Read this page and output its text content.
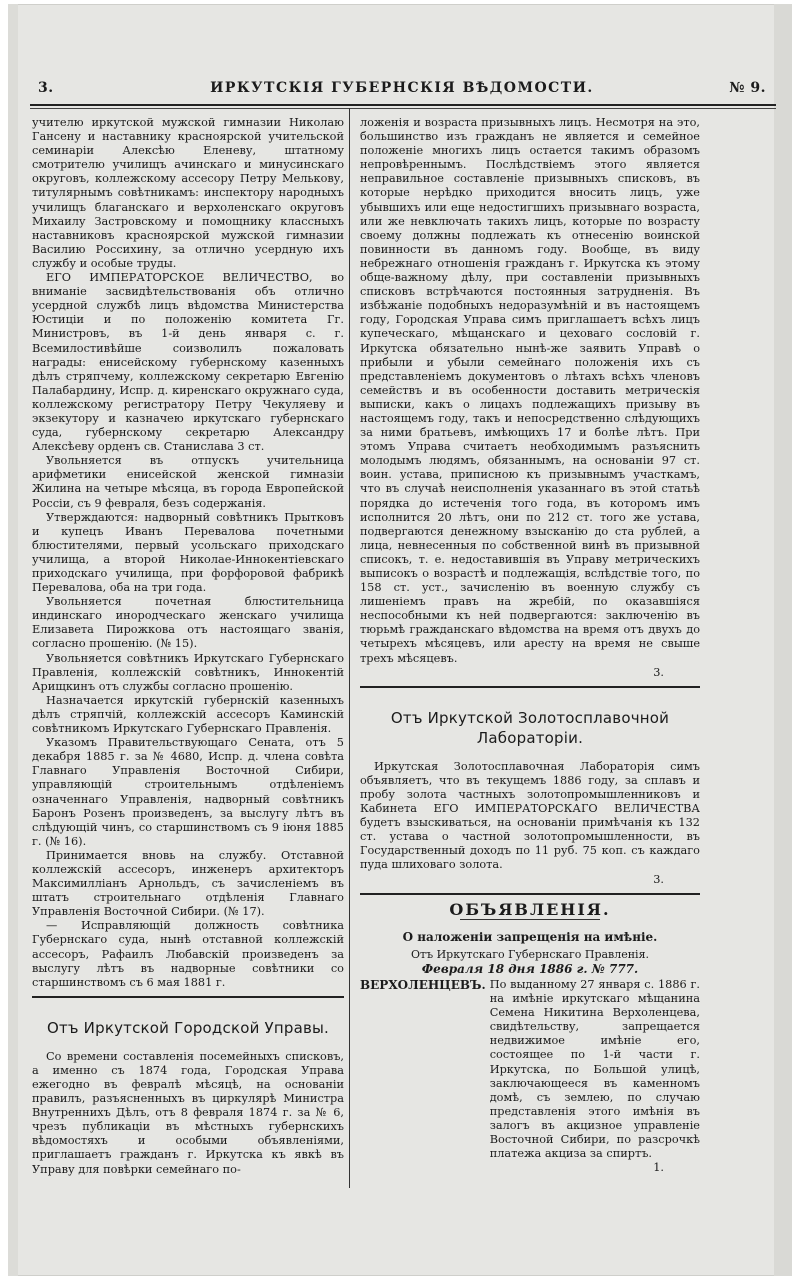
3.	ИРКУТСКІЯ ГУБЕРНСКІЯ ВѢДОМОСТИ.	№ 9.

учителю иркутской мужской гимназии Николаю Гансену и наставнику красноярской учительской семинарiи Алексѣю Еленеву, штатному смотрителю училищъ ачинскаго и минусинскаго округовъ, коллежскому ассесору Петру Мелькову, титулярнымъ совѣтникамъ: инспектору народныхъ училищъ благанскаго и верхоленскаго округовъ Михаилу Застровскому и помощнику классныхъ наставниковъ красноярской мужской гимназии Василию Россихину, за отлично усердную ихъ службу и особые труды.

ЕГО ИМПЕРАТОРСКОЕ ВЕЛИЧЕСТВО, во вниманіе засвидѣтельствованія объ отлично усердной службѣ лицъ вѣдомства Министерства Юстиціи и по положенію комитета Гг. Министровъ, въ 1-й день января с. г. Всемилостивѣйше соизволилъ пожаловать награды: енисейскому губернскому казенныхъ дѣлъ стряпчему, коллежскому секретарю Евгенію Палабардину, Испр. д. киренскаго окружнаго суда, коллежскому регистратору Петру Чекуляеву и экзекутору и казначею иркутскаго губернскаго суда, губернскому секретарю Александру Алексѣеву орденъ св. Станислава 3 ст.

Увольняется въ отпускъ учительница арифметики енисейской женской гимназіи Жилина на четыре мѣсяца, въ города Европейской Россіи, съ 9 февраля, безъ содержанія.

Утверждаются: надворный совѣтникъ Прытковъ и купецъ Иванъ Перевалова почетными блюстителями, первый усольскаго приходскаго училища, а второй Николае-Иннокентіевскаго приходскаго училища, при форфоровой фабрикѣ Перевалова, оба на три года.

Увольняется почетная блюстительница индинскаго инородческаго женскаго училища Елизавета Пирожкова отъ настоящаго званія, согласно прошенію. (№ 15).

Увольняется совѣтникъ Иркутскаго Губернскаго Правленія, коллежскій совѣтникъ, Иннокентій Арищкинъ отъ службы согласно прошенію.

Назначается иркутскій губернскій казенныхъ дѣлъ стряпчій, коллежскій ассесоръ Каминскій совѣтникомъ Иркутскаго Губернскаго Правленія.

Указомъ Правительствующаго Сената, отъ 5 декабря 1885 г. за № 4680, Испр. д. члена совѣта Главнаго Управленія Восточной Сибири, управляющій строительнымъ отдѣленіемъ означеннаго Управленія, надворный совѣтникъ Баронъ Розенъ произведенъ, за выслугу лѣтъ въ слѣдующій чинъ, со старшинствомъ съ 9 іюня 1885 г. (№ 16).

Принимается вновь на службу. Отставной коллежскій ассесоръ, инженеръ архитекторъ Максимилліанъ Арнольдъ, съ зачисленіемъ въ штатъ строительнаго отдѣленія Главнаго Управленія Восточной Сибири. (№ 17).

— Исправляющій должность совѣтника Губернскаго суда, нынѣ отставной коллежскій ассесоръ, Рафаилъ Любавскій произведенъ за выслугу лѣтъ въ надворные совѣтники со старшинствомъ съ 6 мая 1881 г.

Отъ Иркутской Городской Управы.

Со времени составленія посемейныхъ списковъ, а именно съ 1874 года, Городская Управа ежегодно въ февралѣ мѣсяцѣ, на основаніи правилъ, разъясненныхъ въ циркулярѣ Министра Внутреннихъ Дѣлъ, отъ 8 февраля 1874 г. за № 6, чрезъ публикаціи въ мѣстныхъ губернскихъ вѣдомостяхъ и особыми объявленіями, приглашаетъ гражданъ г. Иркутска къ явкѣ въ Управу для повѣрки семейнаго по-

ложенія и возраста призывныхъ лицъ. Несмотря на это, большинство изъ гражданъ не является и семейное положеніе многихъ лицъ остается такимъ образомъ непровѣреннымъ. Послѣдствіемъ этого является неправильное составленіе призывныхъ списковъ, въ которые нерѣдко приходится вносить лицъ, уже убывшихъ или еще недостигшихъ призывнаго возраста, или же невключать такихъ лицъ, которые по возрасту своему должны подлежать къ отнесенію воинской повинности въ данномъ году. Вообще, въ виду небрежнаго отношенія гражданъ г. Иркутска къ этому обще-важному дѣлу, при составленіи призывныхъ списковъ встрѣчаются постоянныя затрудненія. Въ избѣжаніе подобныхъ недоразумѣній и въ настоящемъ году, Городская Управа симъ приглашаетъ всѣхъ лицъ купеческаго, мѣщанскаго и цеховаго сословій г. Иркутска обязательно нынѣ-же заявить Управѣ о прибыли и убыли семейнаго положенія ихъ съ представленіемъ документовъ о лѣтахъ всѣхъ членовъ семействъ и въ особенности доставить метрическія выписки, какъ о лицахъ подлежащихъ призыву въ настоящемъ году, такъ и непосредственно слѣдующихъ за ними братьевъ, имѣющихъ 17 и болѣе лѣтъ. При этомъ Управа считаетъ необходимымъ разъяснить молодымъ людямъ, обязаннымъ, на основаніи 97 ст. воин. устава, приписною къ призывнымъ участкамъ, что въ случаѣ неисполненія указаннаго въ этой статьѣ порядка до истеченія того года, въ которомъ имъ исполнится 20 лѣтъ, они по 212 ст. того же устава, подвергаются денежному взысканію до ста рублей, а лица, невнесенныя по собственной винѣ въ призывной списокъ, т. е. недоставившія въ Управу метрическихъ выписокъ о возрастѣ и подлежащія, вслѣдствіе того, по 158 ст. уст., зачисленію въ военную службу съ лишеніемъ правъ на жребій, по оказавшіяся неспособными къ ней подвергаются: заключенію въ тюрьмѣ гражданскаго вѣдомства на время отъ двухъ до четырехъ мѣсяцевъ, или аресту на время не свыше трехъ мѣсяцевъ.

3.
Отъ Иркутской Золотосплавочной Лабораторіи.

Иркутская Золотосплавочная Лабораторія симъ объявляетъ, что въ текущемъ 1886 году, за сплавъ и пробу золота частныхъ золотопромышленниковъ и Кабинета ЕГО ИМПЕРАТОРСКАГО ВЕЛИЧЕСТВА будетъ взыскиваться, на основаніи примѣчанія къ 132 ст. устава о частной золотопромышленности, въ Государственный доходъ по 11 руб. 75 коп. съ каждаго пуда шлиховаго золота.

3.
ОБЪЯВЛЕНІЯ.
О наложеніи запрещенія на имѣніе.
Отъ Иркутскаго Губернскаго Правленія.
Февраля 18 дня 1886 г. № 777.
ВЕРХОЛЕНЦЕВЪ. По выданному 27 января с. 1886 г. на имѣніе иркутскаго мѣщанина Семена Никитина Верхоленцева, свидѣтельству, запрещается недвижимое имѣніе его, состоящее по 1-й части г. Иркутска, по Большой улицѣ, заключающееся въ каменномъ домѣ, съ землею, по случаю представленія этого имѣнія въ залогъ въ акцизное управленіе Восточной Сибири, по разсрочкѣ платежа акциза за спиртъ.
1.
